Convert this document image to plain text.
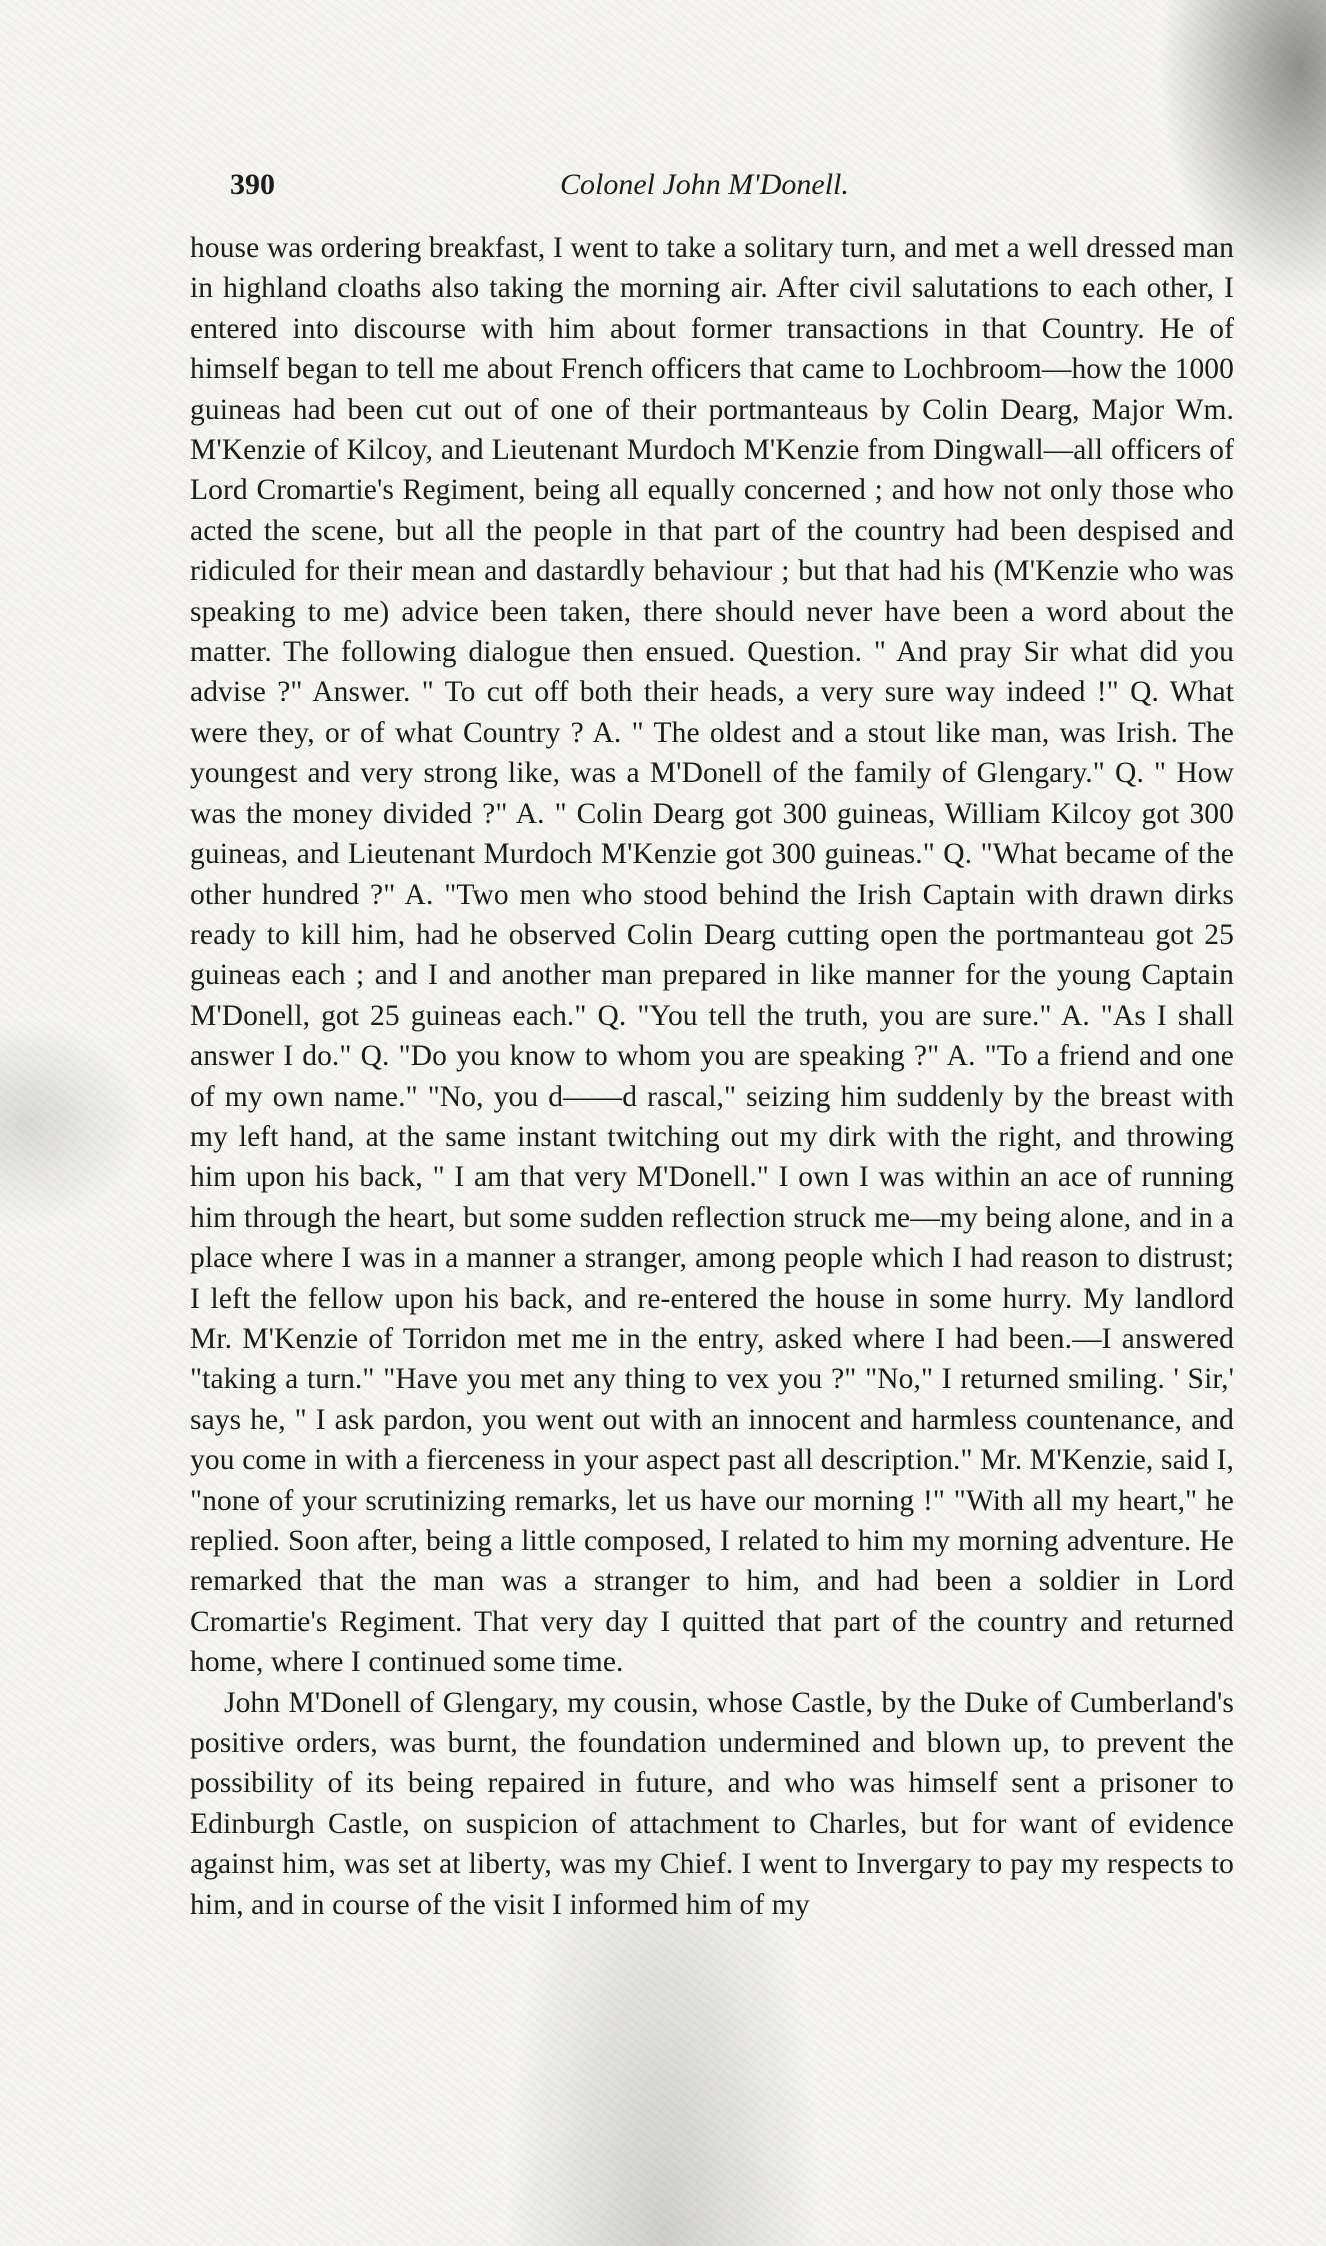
390	Colonel John M'Donell.

house was ordering breakfast, I went to take a solitary turn, and met a well dressed man in highland cloaths also taking the morning air. After civil salutations to each other, I entered into discourse with him about former transactions in that Country. He of himself began to tell me about French officers that came to Lochbroom—how the 1000 guineas had been cut out of one of their portmanteaus by Colin Dearg, Major Wm. M'Kenzie of Kilcoy, and Lieutenant Murdoch M'Kenzie from Dingwall—all officers of Lord Cromartie's Regiment, being all equally concerned ; and how not only those who acted the scene, but all the people in that part of the country had been despised and ridiculed for their mean and dastardly behaviour ; but that had his (M'Kenzie who was speaking to me) advice been taken, there should never have been a word about the matter. The following dialogue then ensued. Question. " And pray Sir what did you advise ?" Answer. " To cut off both their heads, a very sure way indeed !" Q. What were they, or of what Country ? A. " The oldest and a stout like man, was Irish. The youngest and very strong like, was a M'Donell of the family of Glengary." Q. " How was the money divided ?" A. " Colin Dearg got 300 guineas, William Kilcoy got 300 guineas, and Lieutenant Murdoch M'Kenzie got 300 guineas." Q. "What became of the other hundred ?" A. "Two men who stood behind the Irish Captain with drawn dirks ready to kill him, had he observed Colin Dearg cutting open the portmanteau got 25 guineas each ; and I and another man prepared in like manner for the young Captain M'Donell, got 25 guineas each." Q. "You tell the truth, you are sure." A. "As I shall answer I do." Q. "Do you know to whom you are speaking ?" A. "To a friend and one of my own name." "No, you d——d rascal," seizing him suddenly by the breast with my left hand, at the same instant twitching out my dirk with the right, and throwing him upon his back, " I am that very M'Donell." I own I was within an ace of running him through the heart, but some sudden reflection struck me—my being alone, and in a place where I was in a manner a stranger, among people which I had reason to distrust; I left the fellow upon his back, and re-entered the house in some hurry. My landlord Mr. M'Kenzie of Torridon met me in the entry, asked where I had been.—I answered "taking a turn." "Have you met any thing to vex you ?" "No," I returned smiling. ' Sir,' says he, " I ask pardon, you went out with an innocent and harmless countenance, and you come in with a fierceness in your aspect past all description." Mr. M'Kenzie, said I, "none of your scrutinizing remarks, let us have our morning !" "With all my heart," he replied. Soon after, being a little composed, I related to him my morning adventure. He remarked that the man was a stranger to him, and had been a soldier in Lord Cromartie's Regiment. That very day I quitted that part of the country and returned home, where I continued some time.

John M'Donell of Glengary, my cousin, whose Castle, by the Duke of Cumberland's positive orders, was burnt, the foundation undermined and blown up, to prevent the possibility of its being repaired in future, and who was himself sent a prisoner to Edinburgh Castle, on suspicion of attachment to Charles, but for want of evidence against him, was set at liberty, was my Chief. I went to Invergary to pay my respects to him, and in course of the visit I informed him of my
